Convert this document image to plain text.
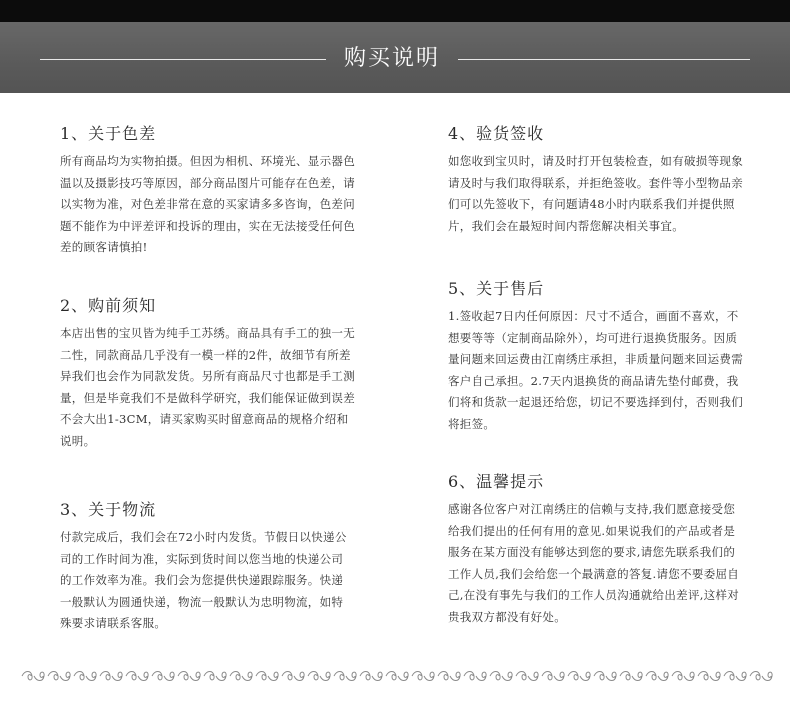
购买说明
1、关于色差

所有商品均为实物拍摄。但因为相机、环境光、显示器色温以及摄影技巧等原因，部分商品图片可能存在色差，请以实物为准，对色差非常在意的买家请多多咨询，色差问题不能作为中评差评和投诉的理由，实在无法接受任何色差的顾客请慎拍!

2、购前须知

本店出售的宝贝皆为纯手工苏绣。商品具有手工的独一无二性，同款商品几乎没有一模一样的2件，故细节有所差异我们也会作为同款发货。另所有商品尺寸也都是手工测量，但是毕竟我们不是做科学研究，我们能保证做到误差不会大出1-3CM，请买家购买时留意商品的规格介绍和说明。

3、关于物流

付款完成后，我们会在72小时内发货。节假日以快递公司的工作时间为准，实际到货时间以您当地的快递公司的工作效率为准。我们会为您提供快递跟踪服务。快递一般默认为圆通快递，物流一般默认为忠明物流，如特殊要求请联系客服。

4、验货签收

如您收到宝贝时，请及时打开包装检查，如有破损等现象请及时与我们取得联系，并拒绝签收。套件等小型物品亲们可以先签收下，有问题请48小时内联系我们并提供照片，我们会在最短时间内帮您解决相关事宜。

5、关于售后

1.签收起7日内任何原因：尺寸不适合，画面不喜欢，不想要等等（定制商品除外），均可进行退换货服务。因质量问题来回运费由江南绣庄承担，非质量问题来回运费需客户自己承担。2.7天内退换货的商品请先垫付邮费，我们将和货款一起退还给您，切记不要选择到付，否则我们将拒签。

6、温馨提示

感谢各位客户对江南绣庄的信赖与支持,我们愿意接受您给我们提出的任何有用的意见.如果说我们的产品或者是服务在某方面没有能够达到您的要求,请您先联系我们的工作人员,我们会给您一个最满意的答复.请您不要委屈自己,在没有事先与我们的工作人员沟通就给出差评,这样对贵我双方都没有好处。
